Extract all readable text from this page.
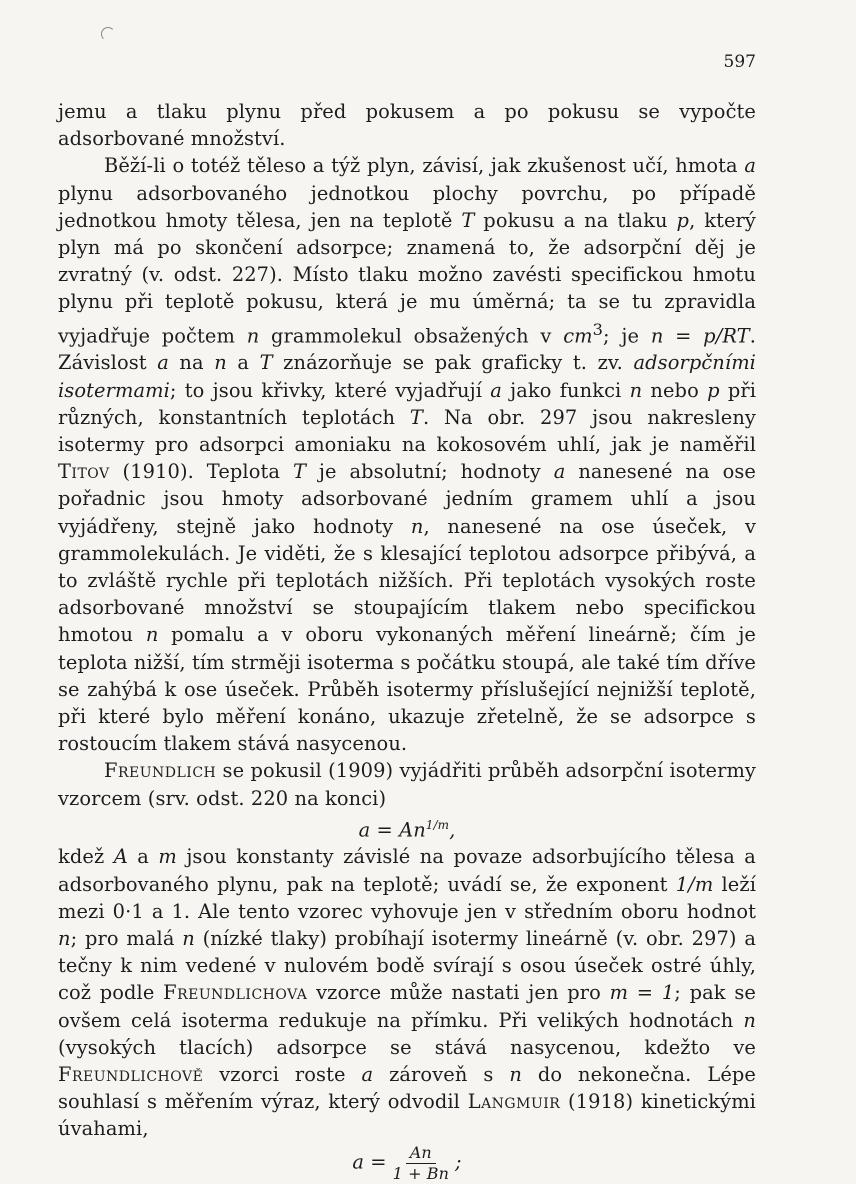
597

jemu a tlaku plynu před pokusem a po pokusu se vypočte adsorbované množství.

Běží-li o totéž těleso a týž plyn, závisí, jak zkušenost učí, hmota a plynu adsorbovaného jednotkou plochy povrchu, po případě jednotkou hmoty tělesa, jen na teplotě T pokusu a na tlaku p, který plyn má po skončení adsorpce; znamená to, že adsorpční děj je zvratný (v. odst. 227). Místo tlaku možno zavésti specifickou hmotu plynu při teplotě pokusu, která je mu úměrná; ta se tu zpravidla vyjadřuje počtem n grammolekul obsažených v $cm^3$; je n = p/RT. Závislost a na n a T znázorňuje se pak graficky t. zv. adsorpčními isotermami; to jsou křivky, které vyjadřují a jako funkci n nebo p při různých, konstantních teplotách T. Na obr. 297 jsou nakresleny isotermy pro adsorpci amoniaku na kokosovém uhlí, jak je naměřil Titov (1910). Teplota T je absolutní; hodnoty a nanesené na ose pořadnic jsou hmoty adsorbované jedním gramem uhlí a jsou vyjádřeny, stejně jako hodnoty n, nanesené na ose úseček, v grammolekulách. Je viděti, že s klesající teplotou adsorpce přibývá, a to zvláště rychle při teplotách nižších. Při teplotách vysokých roste adsorbované množství se stoupajícím tlakem nebo specifickou hmotou n pomalu a v oboru vykonaných měření lineárně; čím je teplota nižší, tím strměji isoterma s počátku stoupá, ale také tím dříve se zahýbá k ose úseček. Průběh isotermy příslušející nejnižší teplotě, při které bylo měření konáno, ukazuje zřetelně, že se adsorpce s rostoucím tlakem stává nasycenou.

Freundlich se pokusil (1909) vyjádřiti průběh adsorpční isotermy vzorcem (srv. odst. 220 na konci)

$a = An^{1/m}$,

kdež A a m jsou konstanty závislé na povaze adsorbujícího tělesa a adsorbovaného plynu, pak na teplotě; uvádí se, že exponent 1/m leží mezi 0·1 a 1. Ale tento vzorec vyhovuje jen v středním oboru hodnot n; pro malá n (nízké tlaky) probíhají isotermy lineárně (v. obr. 297) a tečny k nim vedené v nulovém bodě svírají s osou úseček ostré úhly, což podle Freundlichova vzorce může nastati jen pro m = 1; pak se ovšem celá isoterma redukuje na přímku. Při velikých hodnotách n (vysokých tlacích) adsorpce se stává nasycenou, kdežto ve Freundlichově vzorci roste a zároveň s n do nekonečna. Lépe souhlasí s měřením výraz, který odvodil Langmuir (1918) kinetickými úvahami,

$a = \frac{An}{1 + Bn}$ ;
